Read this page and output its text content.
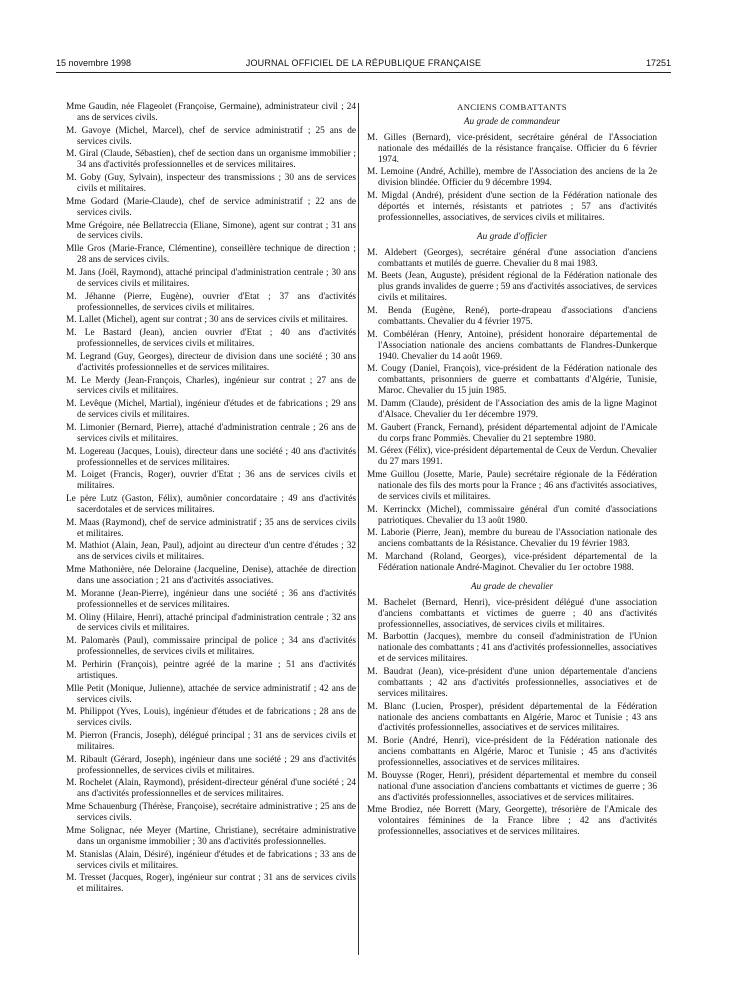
15 novembre 1998	JOURNAL OFFICIEL DE LA RÉPUBLIQUE FRANÇAISE	17251

Mme Gaudin, née Flageolet (Françoise, Germaine), administrateur civil ; 24 ans de services civils.

M. Gavoye (Michel, Marcel), chef de service administratif ; 25 ans de services civils.

M. Giral (Claude, Sébastien), chef de section dans un organisme immobilier ; 34 ans d'activités professionnelles et de services militaires.

M. Goby (Guy, Sylvain), inspecteur des transmissions ; 30 ans de services civils et militaires.

Mme Godard (Marie-Claude), chef de service administratif ; 22 ans de services civils.

Mme Grégoire, née Bellatreccia (Eliane, Simone), agent sur contrat ; 31 ans de services civils.

Mlle Gros (Marie-France, Clémentine), conseillère technique de direction ; 28 ans de services civils.

M. Jans (Joël, Raymond), attaché principal d'administration centrale ; 30 ans de services civils et militaires.

M. Jéhanne (Pierre, Eugène), ouvrier d'Etat ; 37 ans d'activités professionnelles, de services civils et militaires.

M. Lallet (Michel), agent sur contrat ; 30 ans de services civils et militaires.

M. Le Bastard (Jean), ancien ouvrier d'Etat ; 40 ans d'activités professionnelles, de services civils et militaires.

M. Legrand (Guy, Georges), directeur de division dans une société ; 30 ans d'activités professionnelles et de services militaires.

M. Le Merdy (Jean-François, Charles), ingénieur sur contrat ; 27 ans de services civils et militaires.

M. Levêque (Michel, Martial), ingénieur d'études et de fabrications ; 29 ans de services civils et militaires.

M. Limonier (Bernard, Pierre), attaché d'administration centrale ; 26 ans de services civils et militaires.

M. Logereau (Jacques, Louis), directeur dans une société ; 40 ans d'activités professionnelles et de services militaires.

M. Loiget (Francis, Roger), ouvrier d'Etat ; 36 ans de services civils et militaires.

Le père Lutz (Gaston, Félix), aumônier concordataire ; 49 ans d'activités sacerdotales et de services militaires.

M. Maas (Raymond), chef de service administratif ; 35 ans de services civils et militaires.

M. Mathiot (Alain, Jean, Paul), adjoint au directeur d'un centre d'études ; 32 ans de services civils et militaires.

Mme Mathonière, née Deloraine (Jacqueline, Denise), attachée de direction dans une association ; 21 ans d'activités associatives.

M. Moranne (Jean-Pierre), ingénieur dans une société ; 36 ans d'activités professionnelles et de services militaires.

M. Oliny (Hilaire, Henri), attaché principal d'administration centrale ; 32 ans de services civils et militaires.

M. Palomarès (Paul), commissaire principal de police ; 34 ans d'activités professionnelles, de services civils et militaires.

M. Perhirin (François), peintre agréé de la marine ; 51 ans d'activités artistiques.

Mlle Petit (Monique, Julienne), attachée de service administratif ; 42 ans de services civils.

M. Philippot (Yves, Louis), ingénieur d'études et de fabrications ; 28 ans de services civils.

M. Pierron (Francis, Joseph), délégué principal ; 31 ans de services civils et militaires.

M. Ribault (Gérard, Joseph), ingénieur dans une société ; 29 ans d'activités professionnelles, de services civils et militaires.

M. Rochelet (Alain, Raymond), président-directeur général d'une société ; 24 ans d'activités professionnelles et de services militaires.

Mme Schauenburg (Thérèse, Françoise), secrétaire administrative ; 25 ans de services civils.

Mme Solignac, née Meyer (Martine, Christiane), secrétaire administrative dans un organisme immobilier ; 30 ans d'activités professionnelles.

M. Stanislas (Alain, Désiré), ingénieur d'études et de fabrications ; 33 ans de services civils et militaires.

M. Tresset (Jacques, Roger), ingénieur sur contrat ; 31 ans de services civils et militaires.

ANCIENS COMBATTANTS
Au grade de commandeur

M. Gilles (Bernard), vice-président, secrétaire général de l'Association nationale des médaillés de la résistance française. Officier du 6 février 1974.

M. Lemoine (André, Achille), membre de l'Association des anciens de la 2e division blindée. Officier du 9 décembre 1994.

M. Migdal (André), président d'une section de la Fédération nationale des déportés et internés, résistants et patriotes ; 57 ans d'activités professionnelles, associatives, de services civils et militaires.

Au grade d'officier

M. Aldebert (Georges), secrétaire général d'une association d'anciens combattants et mutilés de guerre. Chevalier du 8 mai 1983.

M. Beets (Jean, Auguste), président régional de la Fédération nationale des plus grands invalides de guerre ; 59 ans d'activités associatives, de services civils et militaires.

M. Benda (Eugène, René), porte-drapeau d'associations d'anciens combattants. Chevalier du 4 février 1975.

M. Combéléran (Henry, Antoine), président honoraire départemental de l'Association nationale des anciens combattants de Flandres-Dunkerque 1940. Chevalier du 14 août 1969.

M. Cougy (Daniel, François), vice-président de la Fédération nationale des combattants, prisonniers de guerre et combattants d'Algérie, Tunisie, Maroc. Chevalier du 15 juin 1985.

M. Damm (Claude), président de l'Association des amis de la ligne Maginot d'Alsace. Chevalier du 1er décembre 1979.

M. Gaubert (Franck, Fernand), président départemental adjoint de l'Amicale du corps franc Pommiès. Chevalier du 21 septembre 1980.

M. Gérex (Félix), vice-président départemental de Ceux de Verdun. Chevalier du 27 mars 1991.

Mme Guillou (Josette, Marie, Paule) secrétaire régionale de la Fédération nationale des fils des morts pour la France ; 46 ans d'activités associatives, de services civils et militaires.

M. Kerrinckx (Michel), commissaire général d'un comité d'associations patriotiques. Chevalier du 13 août 1980.

M. Laborie (Pierre, Jean), membre du bureau de l'Association nationale des anciens combattants de la Résistance. Chevalier du 19 février 1983.

M. Marchand (Roland, Georges), vice-président départemental de la Fédération nationale André-Maginot. Chevalier du 1er octobre 1988.

Au grade de chevalier

M. Bachelet (Bernard, Henri), vice-président délégué d'une association d'anciens combattants et victimes de guerre ; 40 ans d'activités professionnelles, associatives, de services civils et militaires.

M. Barbottin (Jacques), membre du conseil d'administration de l'Union nationale des combattants ; 41 ans d'activités professionnelles, associatives et de services militaires.

M. Baudrat (Jean), vice-président d'une union départementale d'anciens combattants ; 42 ans d'activités professionnelles, associatives et de services militaires.

M. Blanc (Lucien, Prosper), président départemental de la Fédération nationale des anciens combattants en Algérie, Maroc et Tunisie ; 43 ans d'activités professionnelles, associatives et de services militaires.

M. Borie (André, Henri), vice-président de la Fédération nationale des anciens combattants en Algérie, Maroc et Tunisie ; 45 ans d'activités professionnelles, associatives et de services militaires.

M. Bouysse (Roger, Henri), président départemental et membre du conseil national d'une association d'anciens combattants et victimes de guerre ; 36 ans d'activités professionnelles, associatives et de services militaires.

Mme Brodiez, née Borrett (Mary, Georgette), trésorière de l'Amicale des volontaires féminines de la France libre ; 42 ans d'activités professionnelles, associatives et de services militaires.
